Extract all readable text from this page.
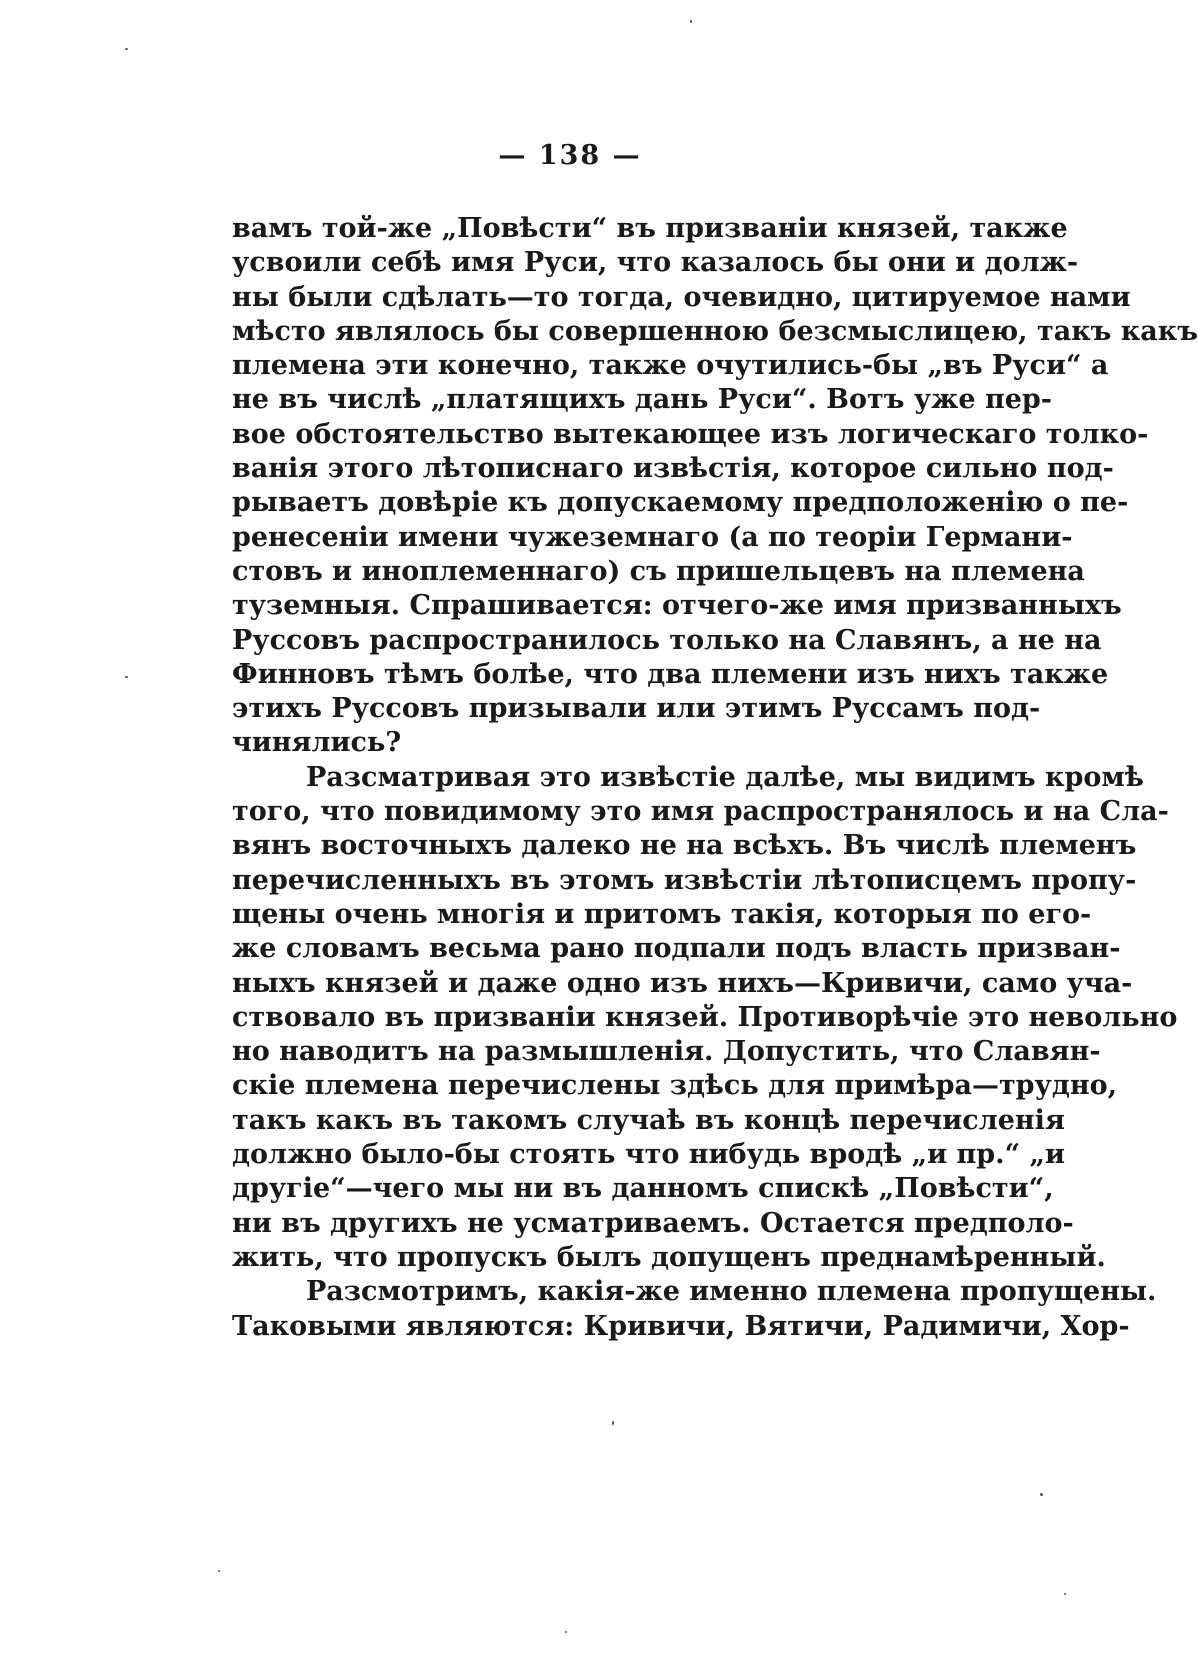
— 138 —
вамъ той-же „Повѣсти“ въ призваніи князей, также
усвоили себѣ имя Руси, что казалось бы они и долж-
ны были сдѣлать—то тогда, очевидно, цитируемое нами
мѣсто являлось бы совершенною безсмыслицею, такъ какъ
племена эти конечно, также очутились-бы „въ Руси“ а
не въ числѣ „платящихъ дань Руси“. Вотъ уже пер-
вое обстоятельство вытекающее изъ логическаго толко-
ванія этого лѣтописнаго извѣстія, которое сильно под-
рываетъ довѣріе къ допускаемому предположенію о пе-
ренесеніи имени чужеземнаго (а по теоріи Германи-
стовъ и иноплеменнаго) съ пришельцевъ на племена
туземныя. Спрашивается: отчего-же имя призванныхъ
Руссовъ распространилось только на Славянъ, а не на
Финновъ тѣмъ болѣе, что два племени изъ нихъ также
этихъ Руссовъ призывали или этимъ Руссамъ под-
чинялись?
Разсматривая это извѣстіе далѣе, мы видимъ кромѣ
того, что повидимому это имя распространялось и на Сла-
вянъ восточныхъ далеко не на всѣхъ. Въ числѣ племенъ
перечисленныхъ въ этомъ извѣстіи лѣтописцемъ пропу-
щены очень многія и притомъ такія, которыя по его-
же словамъ весьма рано подпали подъ власть призван-
ныхъ князей и даже одно изъ нихъ—Кривичи, само уча-
ствовало въ призваніи князей. Противорѣчіе это невольно
но наводитъ на размышленія. Допустить, что Славян-
скіе племена перечислены здѣсь для примѣра—трудно,
такъ какъ въ такомъ случаѣ въ концѣ перечисленія
должно было-бы стоять что нибудь вродѣ „и пр.“ „и
другіе“—чего мы ни въ данномъ спискѣ „Повѣсти“,
ни въ другихъ не усматриваемъ. Остается предполо-
жить, что пропускъ былъ допущенъ преднамѣренный.
Разсмотримъ, какія-же именно племена пропущены.
Таковыми являются: Кривичи, Вятичи, Радимичи, Хор-
